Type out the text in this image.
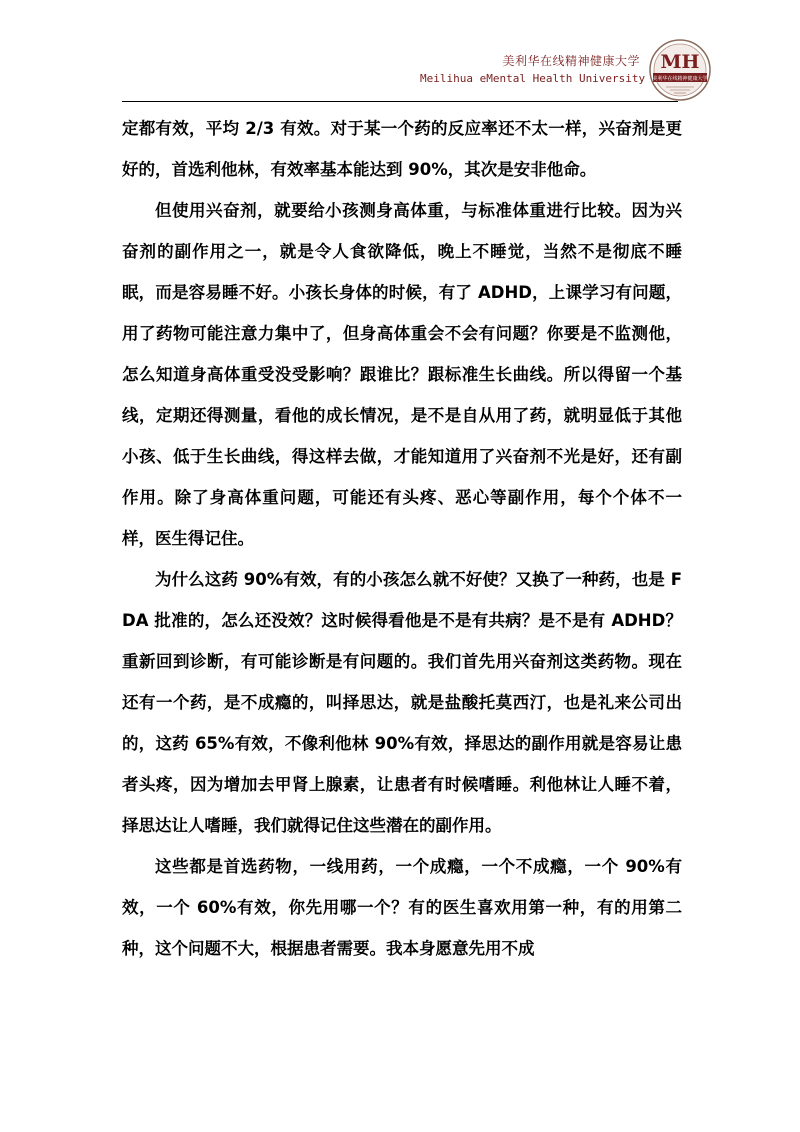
美利华在线精神健康大学
Meilihua eMental Health University
MH
美利华在线精神健康大学

定都有效，平均 2/3 有效。对于某一个药的反应率还不太一样，兴奋剂是更好的，首选利他林，有效率基本能达到 90%，其次是安非他命。

但使用兴奋剂，就要给小孩测身高体重，与标准体重进行比较。因为兴奋剂的副作用之一，就是令人食欲降低，晚上不睡觉，当然不是彻底不睡眠，而是容易睡不好。小孩长身体的时候，有了 ADHD，上课学习有问题，用了药物可能注意力集中了，但身高体重会不会有问题？你要是不监测他，怎么知道身高体重受没受影响？跟谁比？跟标准生长曲线。所以得留一个基线，定期还得测量，看他的成长情况，是不是自从用了药，就明显低于其他小孩、低于生长曲线，得这样去做，才能知道用了兴奋剂不光是好，还有副作用。除了身高体重问题，可能还有头疼、恶心等副作用，每个个体不一样，医生得记住。

为什么这药 90%有效，有的小孩怎么就不好使？又换了一种药，也是 FDA 批准的，怎么还没效？这时候得看他是不是有共病？是不是有 ADHD？重新回到诊断，有可能诊断是有问题的。我们首先用兴奋剂这类药物。现在还有一个药，是不成瘾的，叫择思达，就是盐酸托莫西汀，也是礼来公司出的，这药 65%有效，不像利他林 90%有效，择思达的副作用就是容易让患者头疼，因为增加去甲肾上腺素，让患者有时候嗜睡。利他林让人睡不着，择思达让人嗜睡，我们就得记住这些潜在的副作用。

这些都是首选药物，一线用药，一个成瘾，一个不成瘾，一个 90%有效，一个 60%有效，你先用哪一个？有的医生喜欢用第一种，有的用第二种，这个问题不大，根据患者需要。我本身愿意先用不成
